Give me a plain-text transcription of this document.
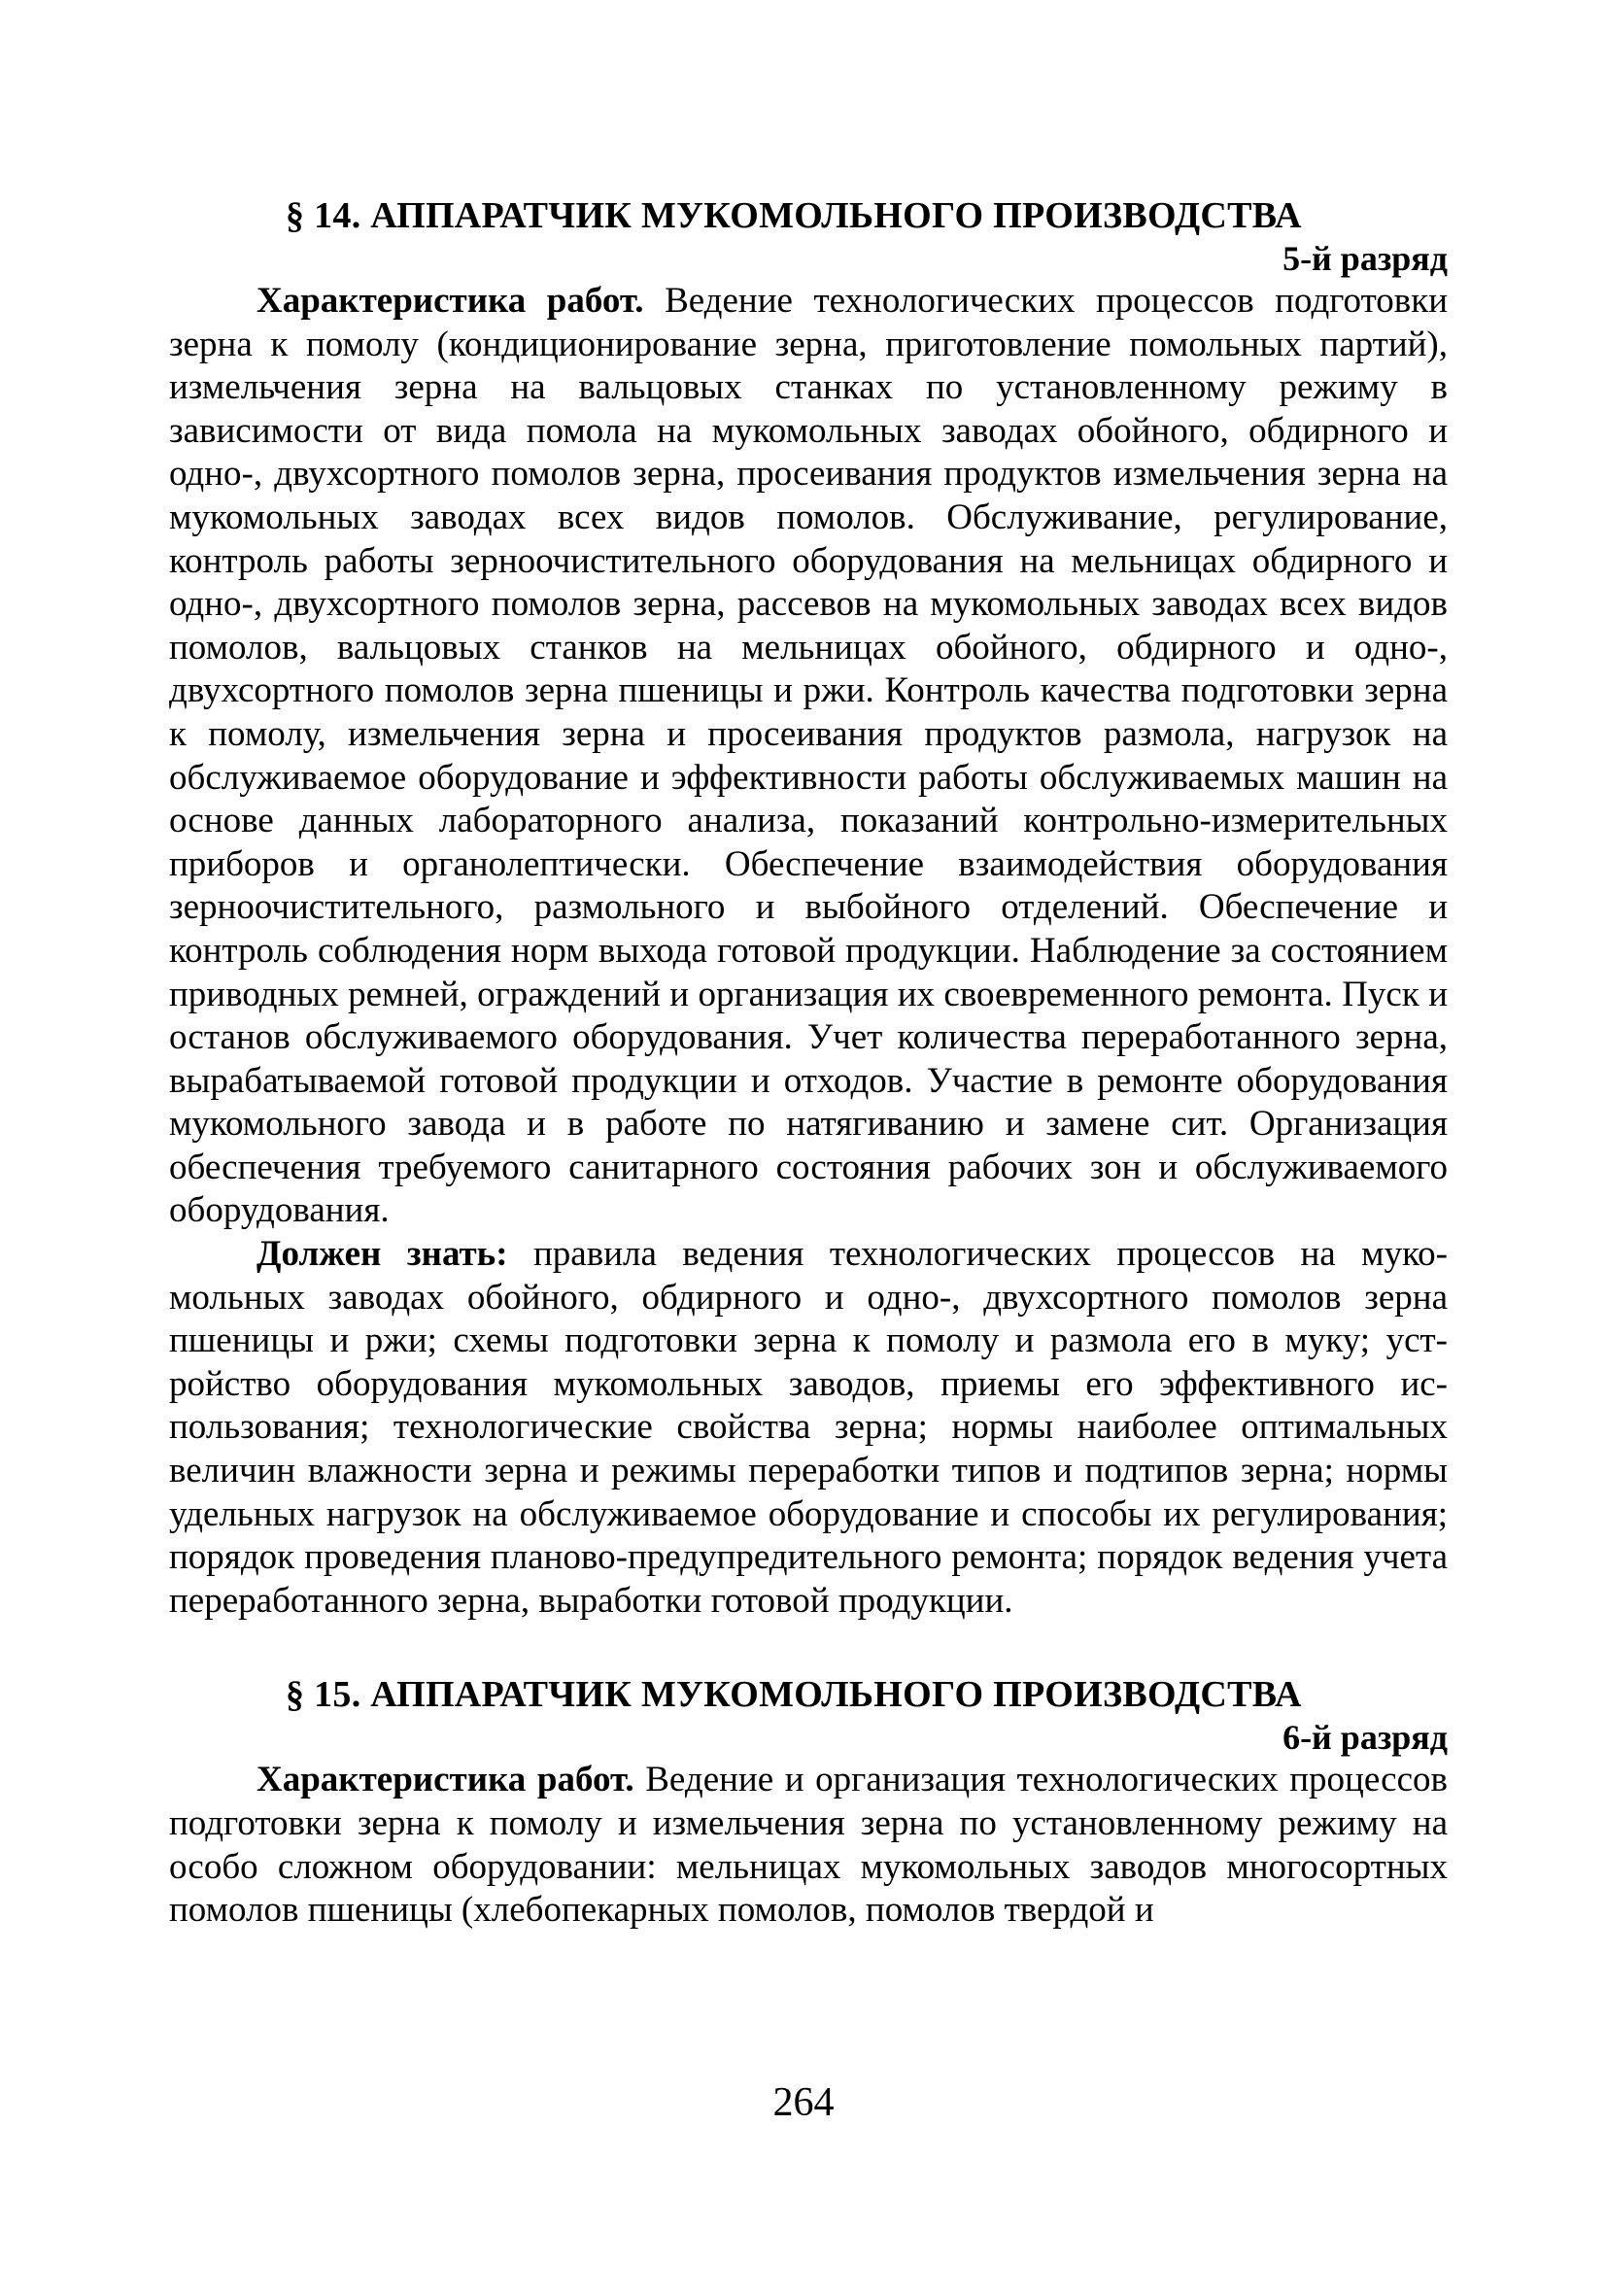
§ 14. АППАРАТЧИК МУКОМОЛЬНОГО ПРОИЗВОДСТВА
5-й разряд

Характеристика работ. Ведение технологических процессов подготовки зерна к помолу (кондиционирование зерна, приготовление помольных партий), измельчения зерна на вальцовых станках по установленному режиму в зависимости от вида помола на мукомольных заводах обойного, обдирного и одно-, двухсортного помолов зерна, просеивания продуктов измельчения зерна на мукомольных заводах всех видов помолов. Обслуживание, регулирование, контроль работы зерноочистительного оборудования на мельницах обдирного и одно-, двухсортного помолов зерна, рассевов на мукомольных заводах всех видов помолов, вальцовых станков на мельницах обойного, обдирного и одно-, двухсортного помолов зерна пшеницы и ржи. Контроль качества подготовки зерна к помолу, измельчения зерна и просеивания продуктов размола, нагрузок на обслуживаемое оборудование и эффективности работы обслуживаемых машин на основе данных лабораторного анализа, показаний контрольно-измерительных приборов и органолептически. Обеспечение взаимодействия оборудования зерноочистительного, размольного и выбойного отделений. Обеспечение и контроль соблюдения норм выхода готовой продукции. Наблюдение за состоянием приводных ремней, ограждений и организация их своевременного ремонта. Пуск и останов обслуживаемого оборудования. Учет количества переработанного зерна, вырабатываемой готовой продукции и отходов. Участие в ремонте оборудования мукомольного завода и в работе по натягиванию и замене сит. Организация обеспечения требуемого санитарного состояния рабочих зон и обслуживаемого оборудования.

Должен знать: правила ведения технологических процессов на мукомольных заводах обойного, обдирного и одно-, двухсортного помолов зерна пшеницы и ржи; схемы подготовки зерна к помолу и размола его в муку; устройство оборудования мукомольных заводов, приемы его эффективного использования; технологические свойства зерна; нормы наиболее оптимальных величин влажности зерна и режимы переработки типов и подтипов зерна; нормы удельных нагрузок на обслуживаемое оборудование и способы их регулирования; порядок проведения планово-предупредительного ремонта; порядок ведения учета переработанного зерна, выработки готовой продукции.

§ 15. АППАРАТЧИК МУКОМОЛЬНОГО ПРОИЗВОДСТВА
6-й разряд

Характеристика работ. Ведение и организация технологических процессов подготовки зерна к помолу и измельчения зерна по установленному режиму на особо сложном оборудовании: мельницах мукомольных заводов многосортных помолов пшеницы (хлебопекарных помолов, помолов твердой и

264
